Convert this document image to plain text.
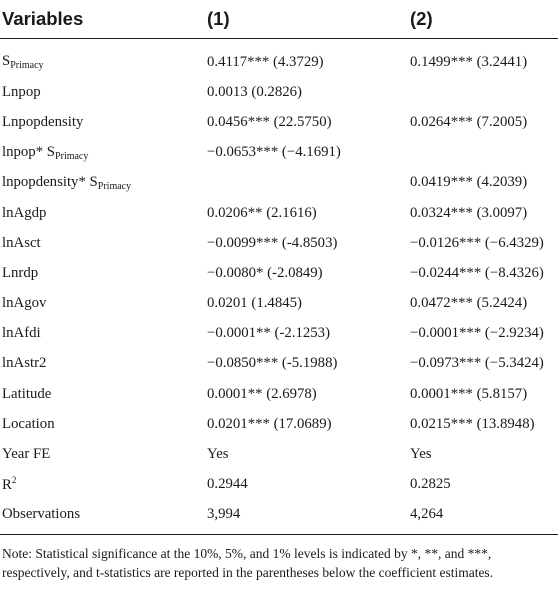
Variables	(1)	(2)
$S_{Primacy}$	0.4117*** (4.3729)	0.1499*** (3.2441)
Lnpop	0.0013 (0.2826)	
Lnpopdensity	0.0456*** (22.5750)	0.0264*** (7.2005)
lnpop* $S_{Primacy}$	−0.0653*** (−4.1691)	
lnpopdensity* $S_{Primacy}$		0.0419*** (4.2039)
lnAgdp	0.0206** (2.1616)	0.0324*** (3.0097)
lnAsct	−0.0099*** (-4.8503)	−0.0126*** (−6.4329)
Lnrdp	−0.0080* (-2.0849)	−0.0244*** (−8.4326)
lnAgov	0.0201 (1.4845)	0.0472*** (5.2424)
lnAfdi	−0.0001** (-2.1253)	−0.0001*** (−2.9234)
lnAstr2	−0.0850*** (-5.1988)	−0.0973*** (−5.3424)
Latitude	0.0001** (2.6978)	0.0001*** (5.8157)
Location	0.0201*** (17.0689)	0.0215*** (13.8948)
Year FE	Yes	Yes
$R^2$	0.2944	0.2825
Observations	3,994	4,264
Note: Statistical significance at the 10%, 5%, and 1% levels is indicated by *, **, and ***, respectively, and t-statistics are reported in the parentheses below the coefficient estimates.
